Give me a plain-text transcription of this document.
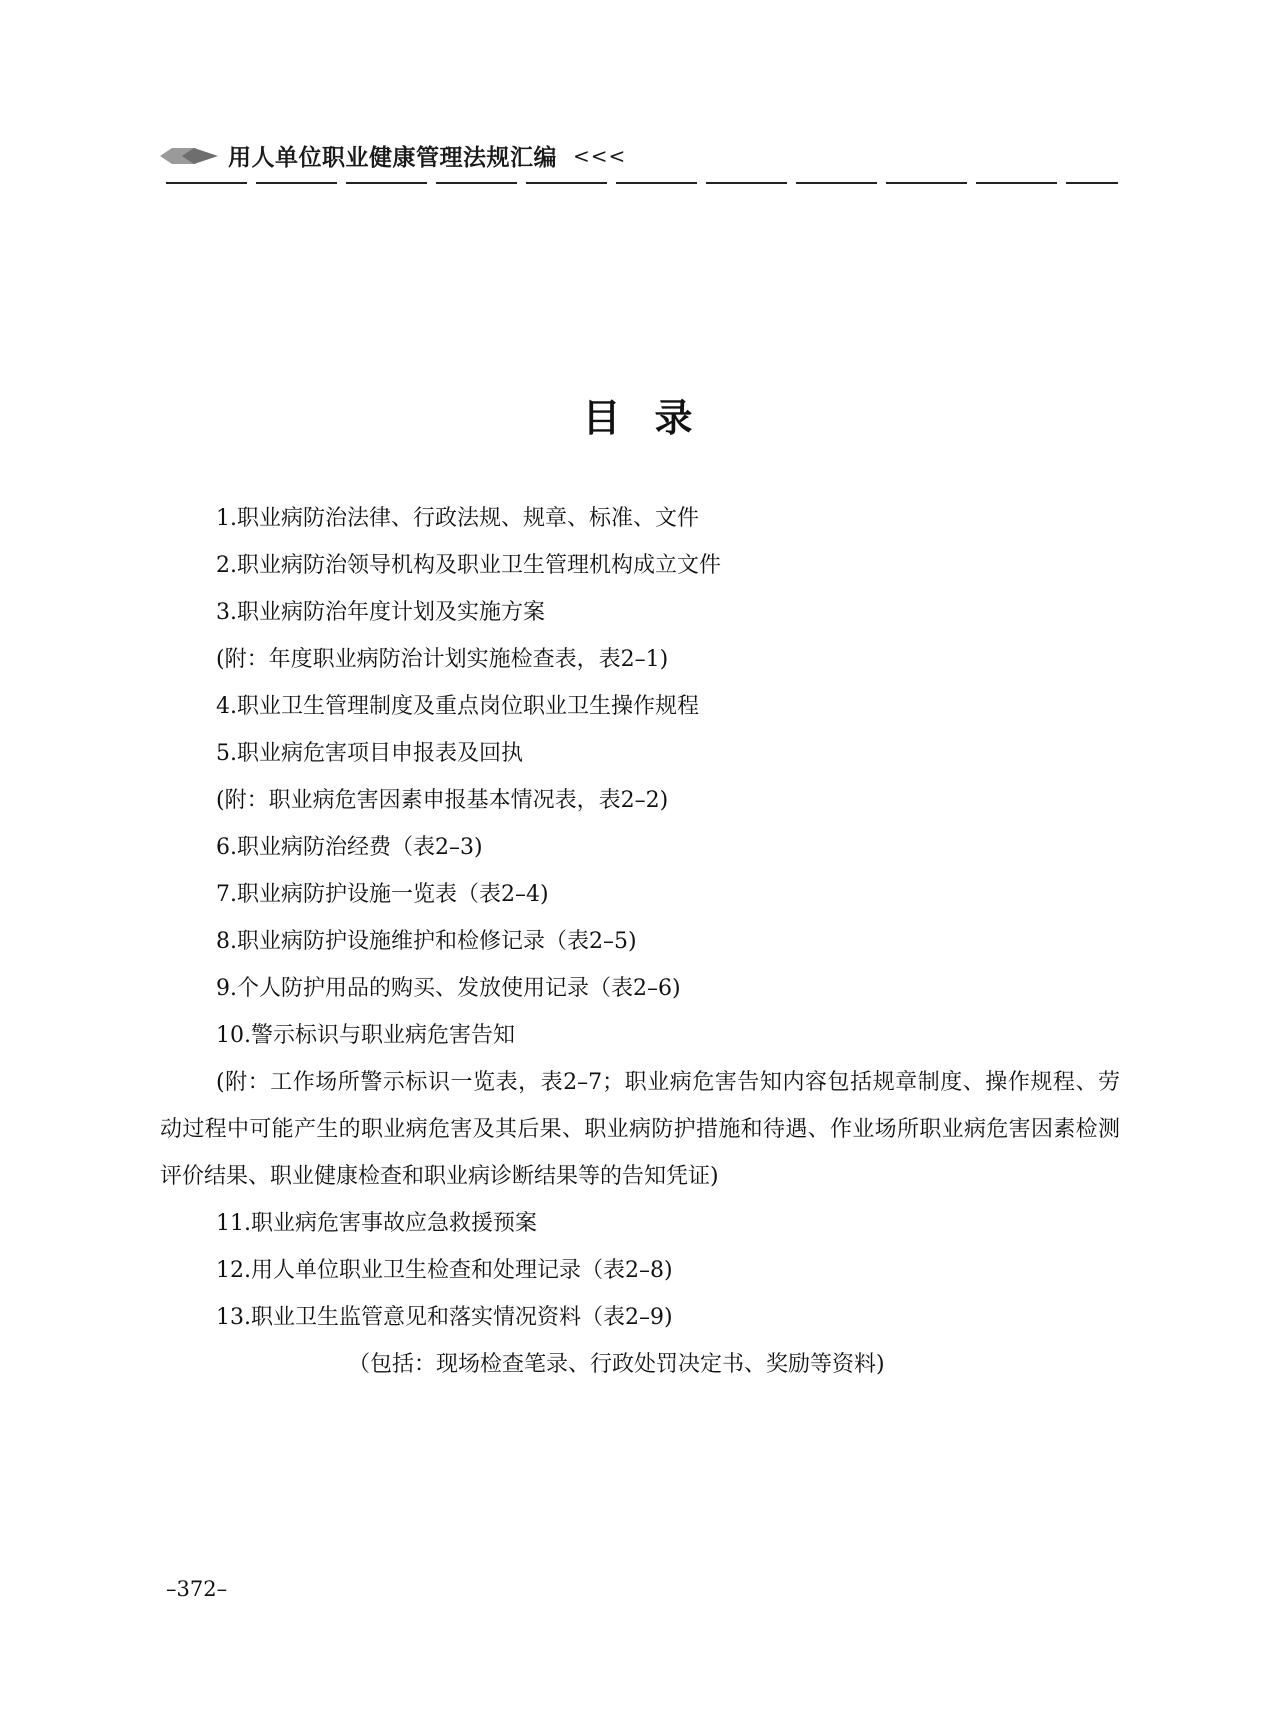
用人单位职业健康管理法规汇编 <<<
目录
1.职业病防治法律、行政法规、规章、标准、文件
2.职业病防治领导机构及职业卫生管理机构成立文件
3.职业病防治年度计划及实施方案
(附：年度职业病防治计划实施检查表，表2–1)
4.职业卫生管理制度及重点岗位职业卫生操作规程
5.职业病危害项目申报表及回执
(附：职业病危害因素申报基本情况表，表2–2)
6.职业病防治经费（表2–3)
7.职业病防护设施一览表（表2–4)
8.职业病防护设施维护和检修记录（表2–5)
9.个人防护用品的购买、发放使用记录（表2–6)
10.警示标识与职业病危害告知

(附：工作场所警示标识一览表，表2–7；职业病危害告知内容包括规章制度、操作规程、劳动过程中可能产生的职业病危害及其后果、职业病防护措施和待遇、作业场所职业病危害因素检测评价结果、职业健康检查和职业病诊断结果等的告知凭证)

11.职业病危害事故应急救援预案
12.用人单位职业卫生检查和处理记录（表2–8)
13.职业卫生监管意见和落实情况资料（表2–9)
（包括：现场检查笔录、行政处罚决定书、奖励等资料)
–372–
